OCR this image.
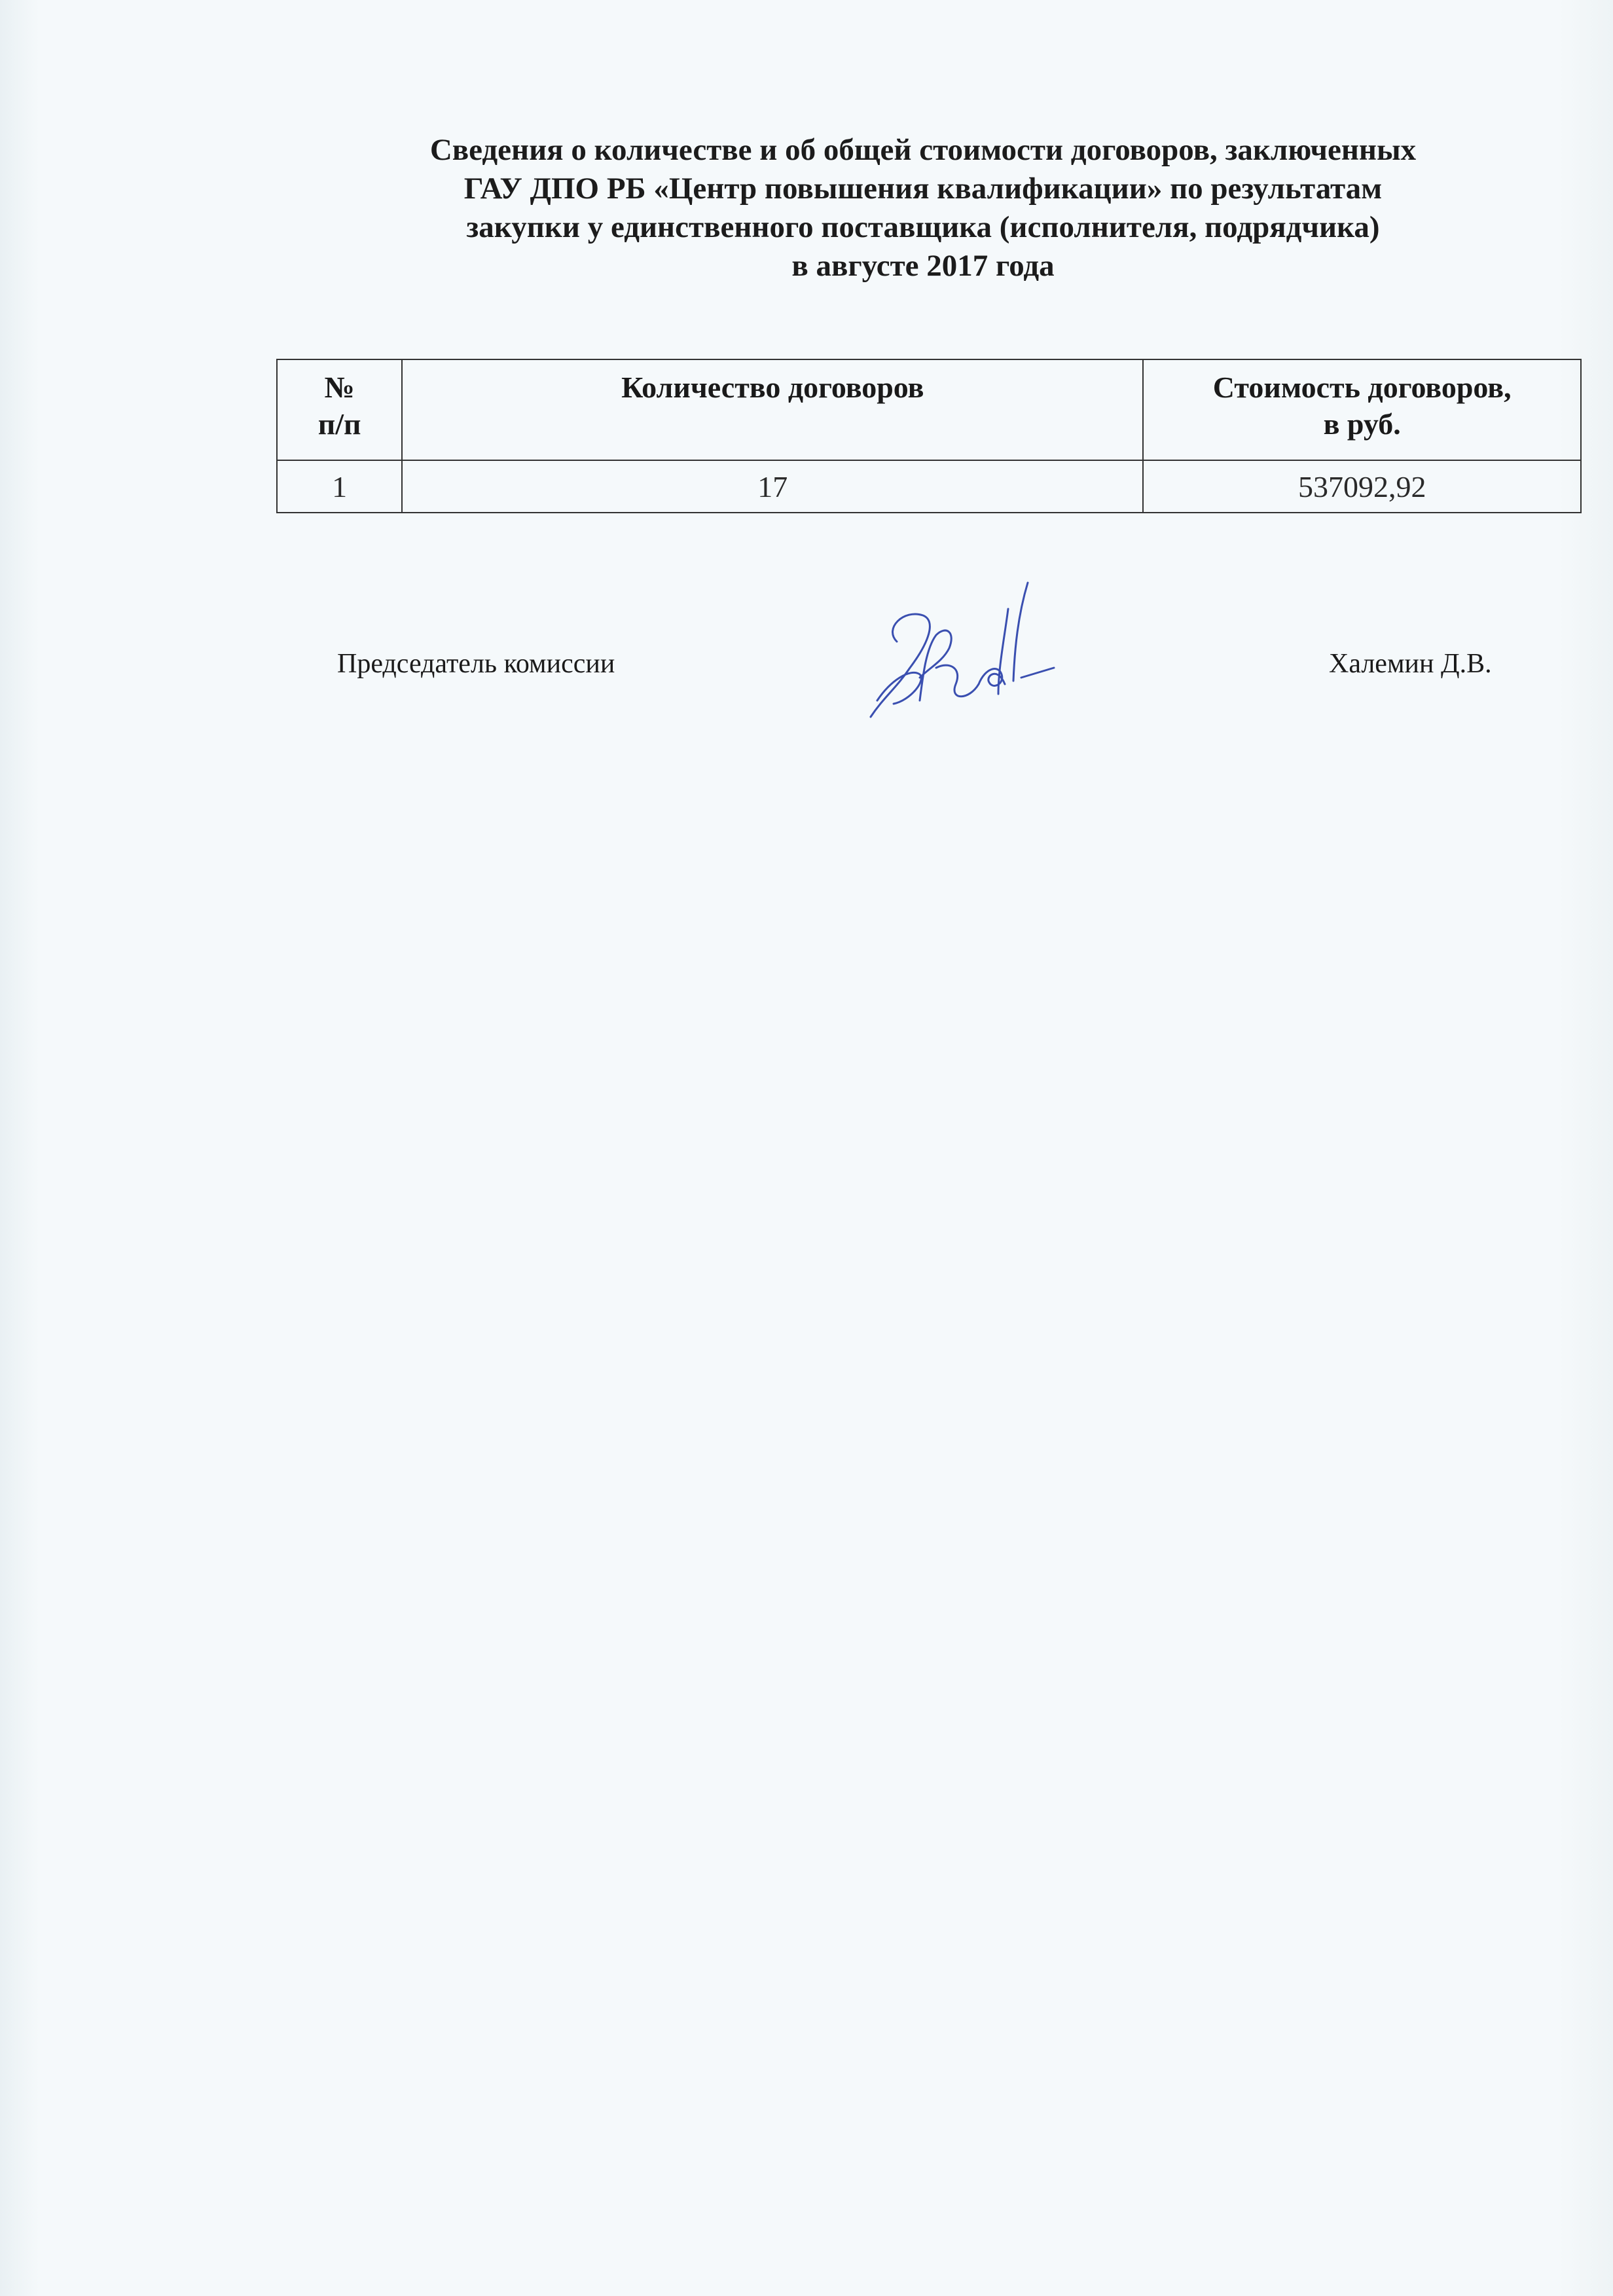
Сведения о количестве и об общей стоимости договоров, заключенных
ГАУ ДПО РБ «Центр повышения квалификации» по результатам
закупки у единственного поставщика (исполнителя, подрядчика)
в августе 2017 года
№
п/п	Количество договоров	Стоимость договоров,
в руб.

1	17	537092,92
Председатель комиссии	Халемин Д.В.
